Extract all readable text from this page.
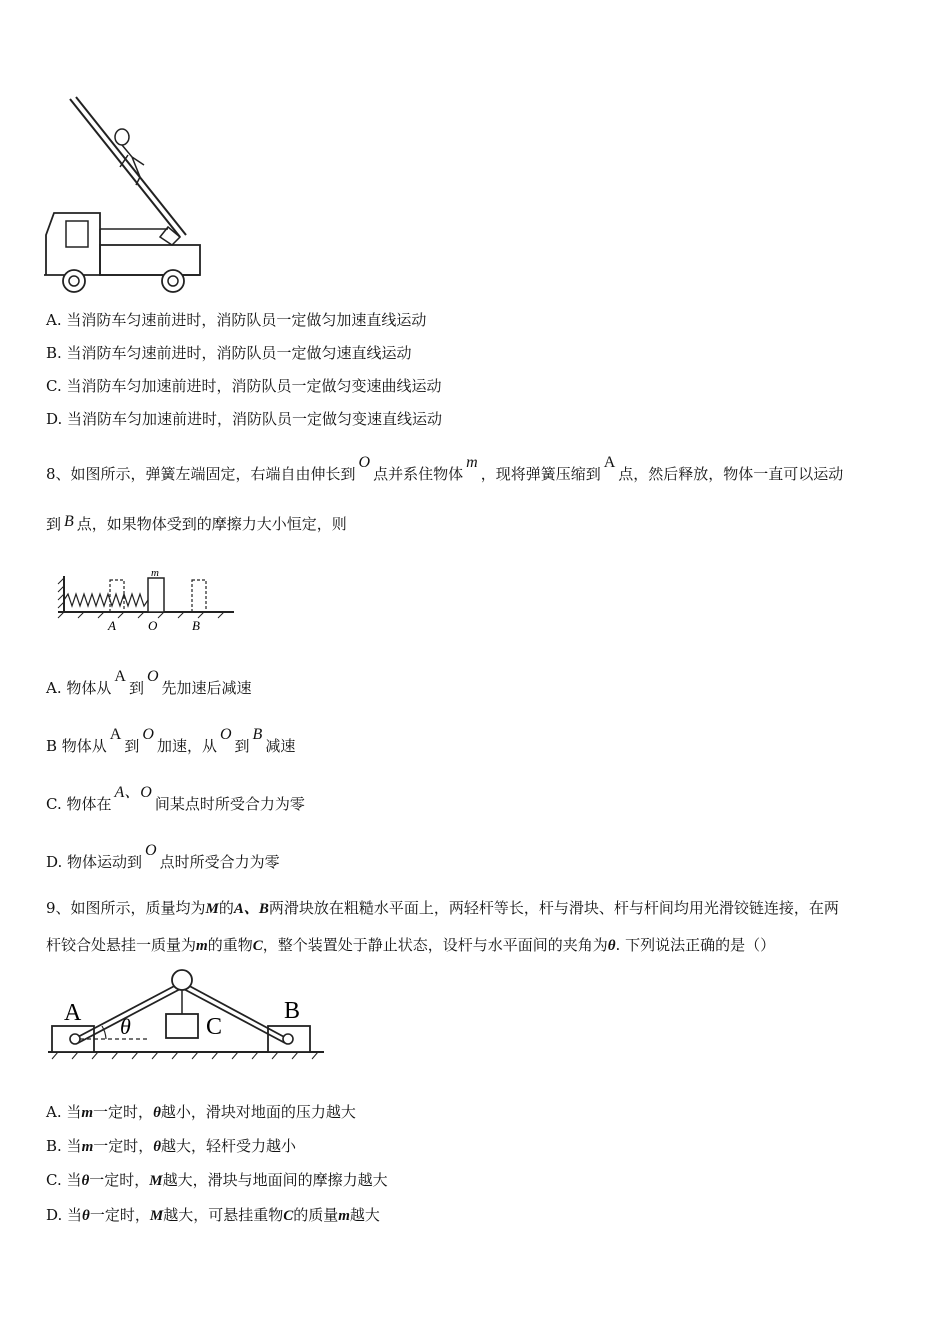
A. 当消防车匀速前进时，消防队员一定做匀加速直线运动
B. 当消防车匀速前进时，消防队员一定做匀速直线运动
C. 当消防车匀加速前进时，消防队员一定做匀变速曲线运动
D. 当消防车匀加速前进时，消防队员一定做匀变速直线运动
8、如图所示，弹簧左端固定，右端自由伸长到O点并系住物体m，现将弹簧压缩到A点，然后释放，物体一直可以运动
到 B 点，如果物体受到的摩擦力大小恒定，则
m
A O	B
A. 物体从A到O先加速后减速
B 物体从A到O加速，从O到B减速
C. 物体在A、O间某点时所受合力为零
D. 物体运动到O点时所受合力为零
9、如图所示，质量均为M的A、B两滑块放在粗糙水平面上，两轻杆等长，杆与滑块、杆与杆间均用光滑铰链连接，在两
杆铰合处悬挂一质量为m的重物C，整个装置处于静止状态，设杆与水平面间的夹角为θ. 下列说法正确的是（）
A	B
C
θ
A. 当m一定时，θ越小，滑块对地面的压力越大
B. 当m一定时，θ越大，轻杆受力越小
C. 当θ一定时，M越大，滑块与地面间的摩擦力越大
D. 当θ一定时，M越大，可悬挂重物C的质量m越大
